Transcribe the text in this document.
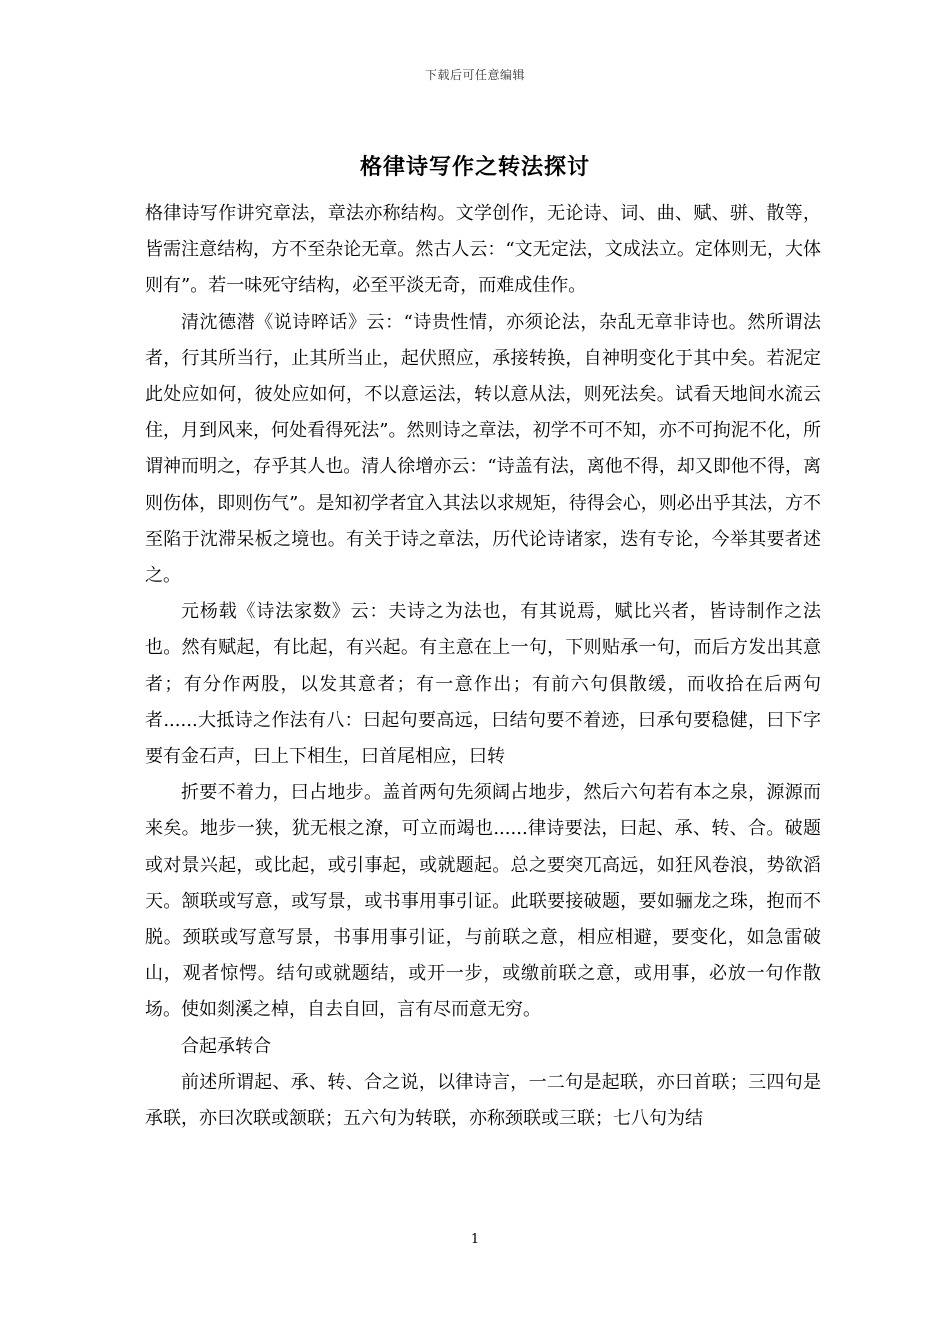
下载后可任意编辑
格律诗写作之转法探讨

格律诗写作讲究章法，章法亦称结构。文学创作，无论诗、词、曲、赋、骈、散等，皆需注意结构，方不至杂论无章。然古人云：“文无定法，文成法立。定体则无，大体则有”。若一味死守结构，必至平淡无奇，而难成佳作。

清沈德潜《说诗晬话》云：“诗贵性情，亦须论法，杂乱无章非诗也。然所谓法者，行其所当行，止其所当止，起伏照应，承接转换，自神明变化于其中矣。若泥定此处应如何，彼处应如何，不以意运法，转以意从法，则死法矣。试看天地间水流云住，月到风来，何处看得死法”。然则诗之章法，初学不可不知，亦不可拘泥不化，所谓神而明之，存乎其人也。清人徐增亦云：“诗盖有法，离他不得，却又即他不得，离则伤体，即则伤气”。是知初学者宜入其法以求规矩，待得会心，则必出乎其法，方不至陷于沈滞呆板之境也。有关于诗之章法，历代论诗诸家，迭有专论，今举其要者述之。

元杨载《诗法家数》云：夫诗之为法也，有其说焉，赋比兴者，皆诗制作之法也。然有赋起，有比起，有兴起。有主意在上一句，下则贴承一句，而后方发出其意者；有分作两股，以发其意者；有一意作出；有前六句俱散缓，而收拾在后两句者......大抵诗之作法有八：曰起句要高远，曰结句要不着迹，曰承句要稳健，曰下字要有金石声，曰上下相生，曰首尾相应，曰转

折要不着力，曰占地步。盖首两句先须阔占地步，然后六句若有本之泉，源源而来矣。地步一狭，犹无根之潦，可立而竭也......律诗要法，曰起、承、转、合。破题或对景兴起，或比起，或引事起，或就题起。总之要突兀高远，如狂风卷浪，势欲滔天。颔联或写意，或写景，或书事用事引证。此联要接破题，要如骊龙之珠，抱而不脱。颈联或写意写景，书事用事引证，与前联之意，相应相避，要变化，如急雷破山，观者惊愕。结句或就题结，或开一步，或缴前联之意，或用事，必放一句作散场。使如剡溪之棹，自去自回，言有尽而意无穷。

合起承转合

前述所谓起、承、转、合之说，以律诗言，一二句是起联，亦曰首联；三四句是承联，亦曰次联或颔联；五六句为转联，亦称颈联或三联；七八句为结

1
